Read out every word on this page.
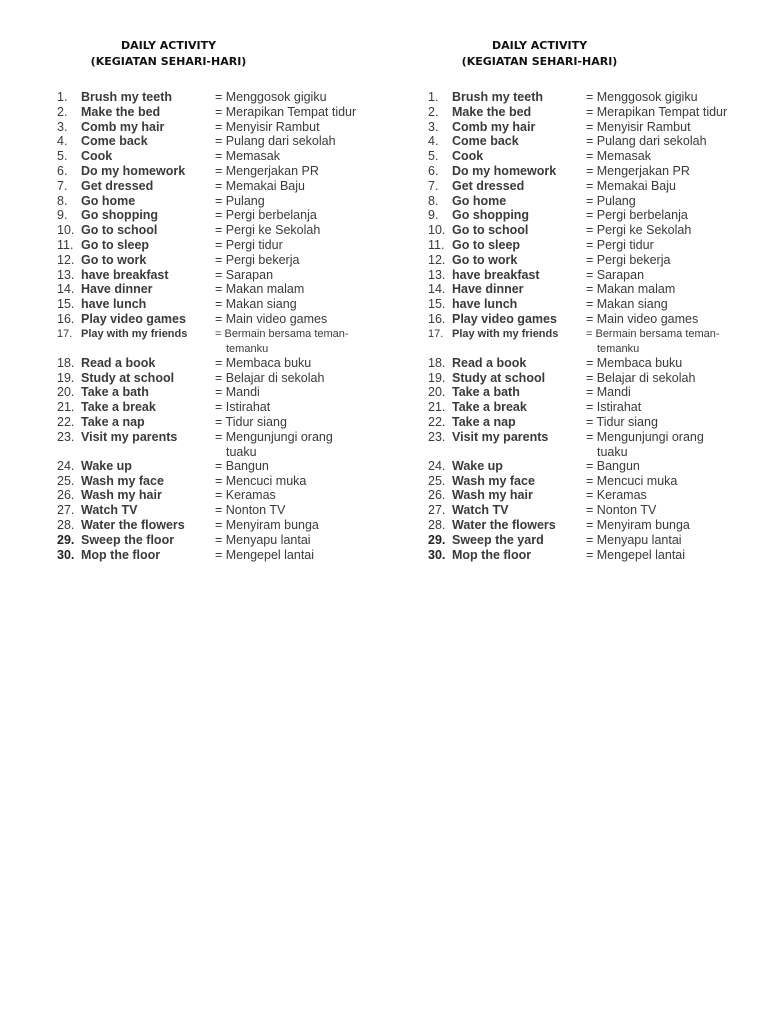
DAILY ACTIVITY
(KEGIATAN SEHARI-HARI)
1.	Brush my teeth	= Menggosok gigiku
2.	Make the bed	= Merapikan Tempat tidur
3.	Comb my hair	= Menyisir Rambut
4.	Come back	= Pulang dari sekolah
5.	Cook	= Memasak
6.	Do my homework = Mengerjakan PR
7.	Get dressed	= Memakai Baju
8.	Go home	= Pulang
9.	Go shopping	= Pergi berbelanja
10. Go to school	= Pergi ke Sekolah
11. Go to sleep	= Pergi tidur
12. Go to work	= Pergi bekerja
13. have breakfast	= Sarapan
14. Have dinner	= Makan malam
15. have lunch	= Makan siang
16. Play video games = Main video games
17. Play with my friends	= Bermain bersama teman-
temanku
18. Read a book	= Membaca buku
19. Study at school	= Belajar di sekolah
20. Take a bath	= Mandi
21. Take a break	= Istirahat
22. Take a nap	= Tidur siang
23. Visit my parents	= Mengunjungi orang
tuaku
24. Wake up	= Bangun
25. Wash my face	= Mencuci muka
26. Wash my hair	= Keramas
27. Watch TV	= Nonton TV
28. Water the flowers = Menyiram bunga
29. Sweep the floor	= Menyapu lantai
30. Mop the floor	= Mengepel lantai
DAILY ACTIVITY
(KEGIATAN SEHARI-HARI)
1.	Brush my teeth	= Menggosok gigiku
2.	Make the bed	= Merapikan Tempat tidur
3.	Comb my hair	= Menyisir Rambut
4.	Come back	= Pulang dari sekolah
5.	Cook	= Memasak
6.	Do my homework = Mengerjakan PR
7.	Get dressed	= Memakai Baju
8.	Go home	= Pulang
9.	Go shopping	= Pergi berbelanja
10. Go to school	= Pergi ke Sekolah
11. Go to sleep	= Pergi tidur
12. Go to work	= Pergi bekerja
13. have breakfast	= Sarapan
14. Have dinner	= Makan malam
15. have lunch	= Makan siang
16. Play video games = Main video games
17. Play with my friends	= Bermain bersama teman-
temanku
18. Read a book	= Membaca buku
19. Study at school	= Belajar di sekolah
20. Take a bath	= Mandi
21. Take a break	= Istirahat
22. Take a nap	= Tidur siang
23. Visit my parents	= Mengunjungi orang
tuaku
24. Wake up	= Bangun
25. Wash my face	= Mencuci muka
26. Wash my hair	= Keramas
27. Watch TV	= Nonton TV
28. Water the flowers = Menyiram bunga
29. Sweep the yard	= Menyapu lantai
30. Mop the floor	= Mengepel lantai
